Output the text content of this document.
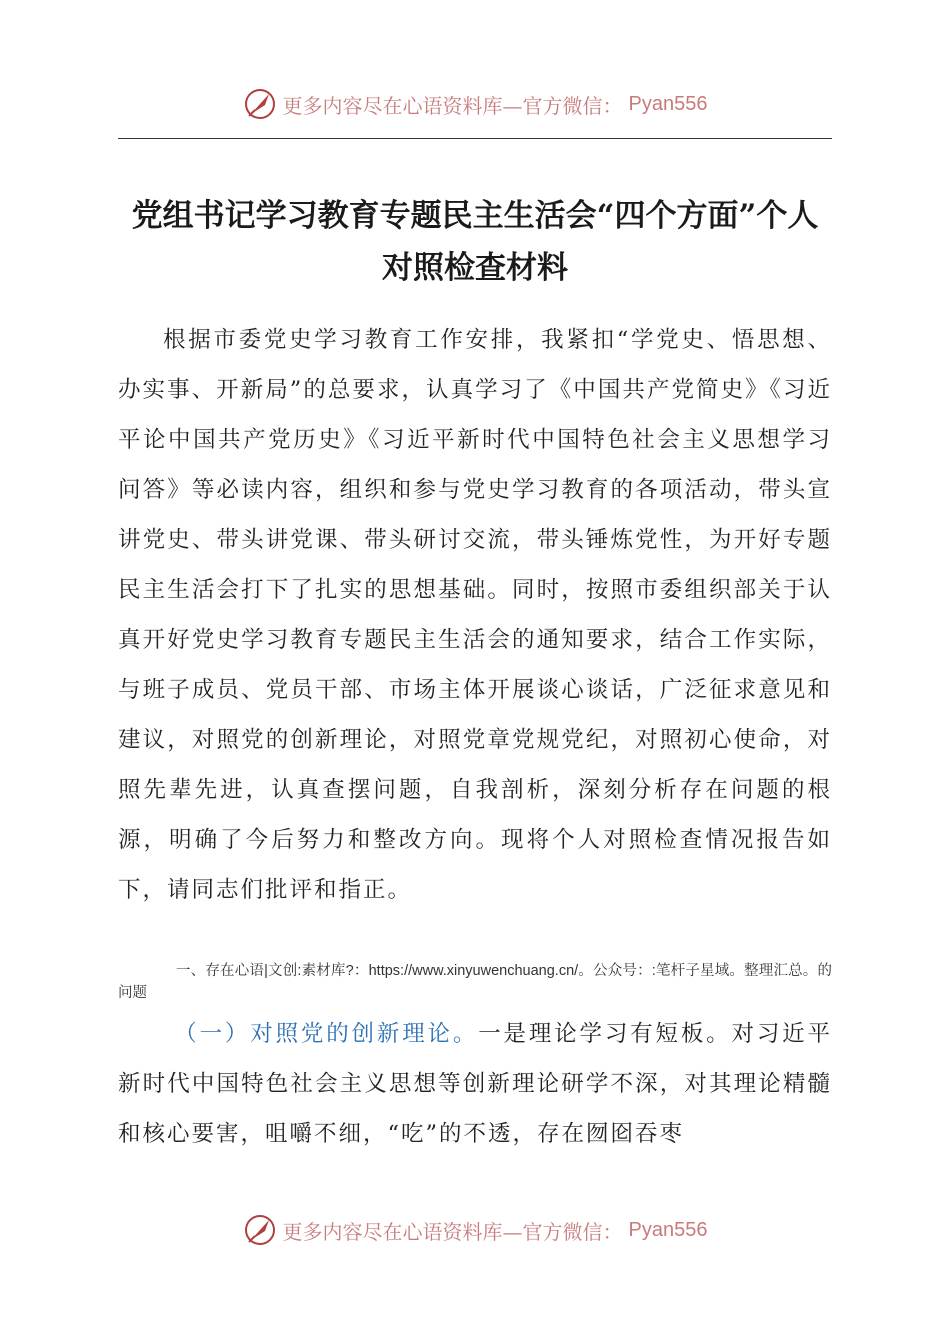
更多内容尽在心语资料库—官方微信： Pyan556
党组书记学习教育专题民主生活会“四个方面”个人对照检查材料

根据市委党史学习教育工作安排，我紧扣“学党史、悟思想、办实事、开新局”的总要求，认真学习了《中国共产党简史》《习近平论中国共产党历史》《习近平新时代中国特色社会主义思想学习问答》等必读内容，组织和参与党史学习教育的各项活动，带头宣讲党史、带头讲党课、带头研讨交流，带头锤炼党性，为开好专题民主生活会打下了扎实的思想基础。同时，按照市委组织部关于认真开好党史学习教育专题民主生活会的通知要求，结合工作实际，与班子成员、党员干部、市场主体开展谈心谈话，广泛征求意见和建议，对照党的创新理论，对照党章党规党纪，对照初心使命，对照先辈先进，认真查摆问题，自我剖析，深刻分析存在问题的根源，明确了今后努力和整改方向。现将个人对照检查情况报告如下，请同志们批评和指正。

一、存在心语|文创:素材库?：https://www.xinyuwenchuang.cn/。公众号：:笔杆子星域。整理汇总。的问题

（一）对照党的创新理论。一是理论学习有短板。对习近平新时代中国特色社会主义思想等创新理论研学不深，对其理论精髓和核心要害，咀嚼不细，“吃”的不透，存在囫囵吞枣

更多内容尽在心语资料库—官方微信： Pyan556
